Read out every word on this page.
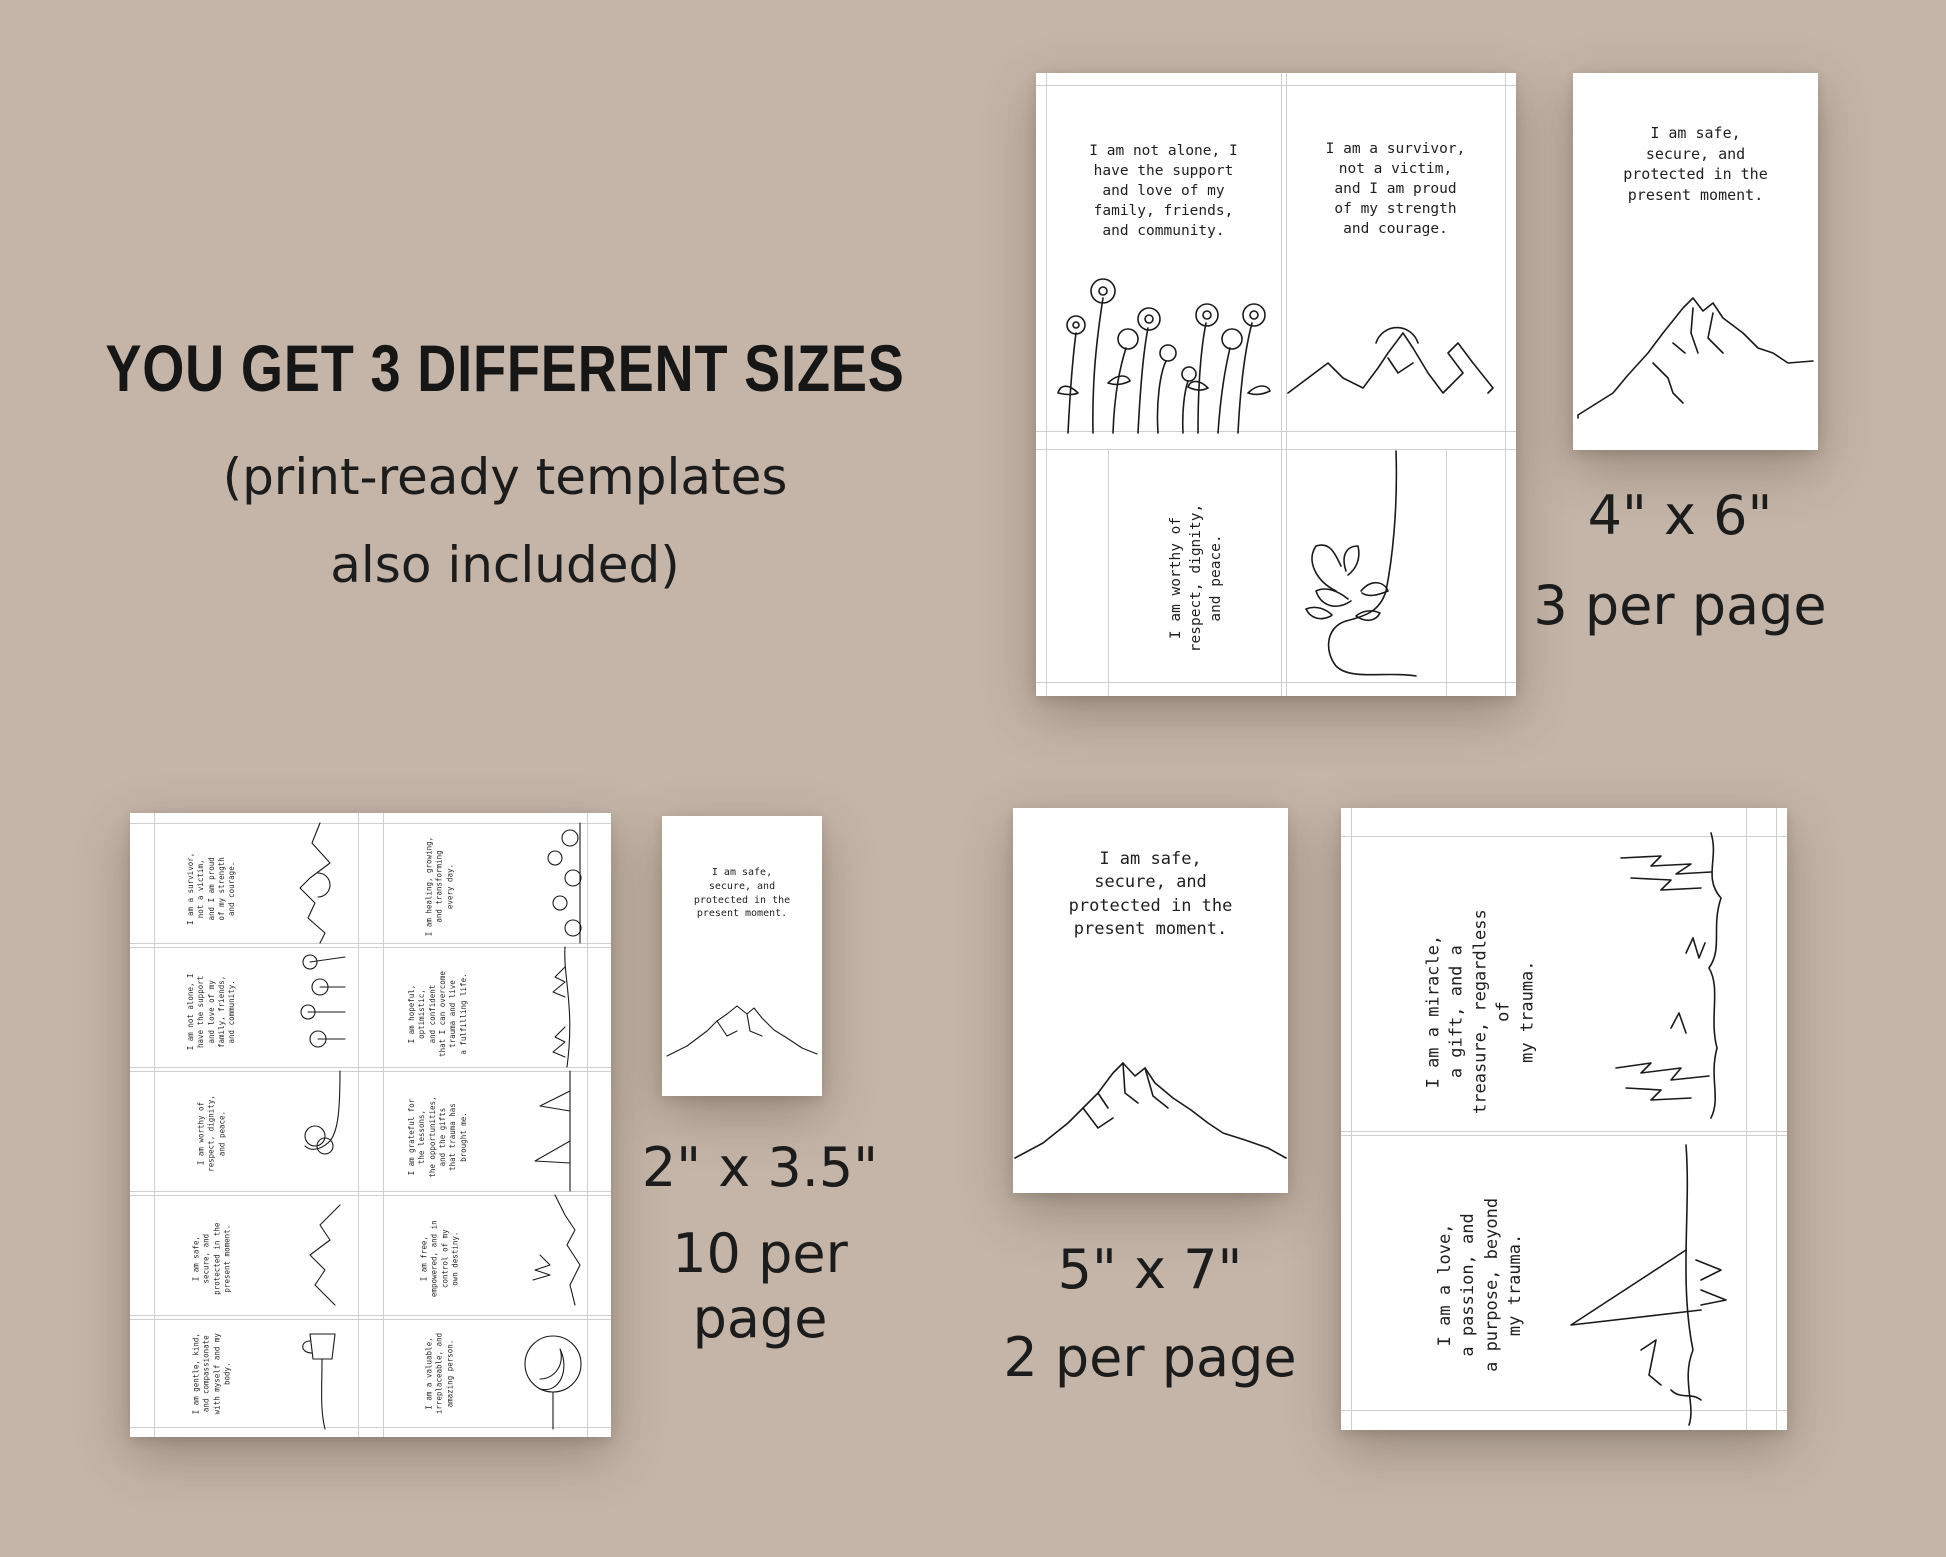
YOU GET 3 DIFFERENT SIZES
(print-ready templates
also included)
I am not alone, I
have the support
and love of my
family, friends,
and community.
I am a survivor,
not a victim,
and I am proud
of my strength
and courage.
I am worthy of
respect, dignity,
and peace.
I am safe,
secure, and
protected in the
present moment.
4" x 6"
3 per page
I am a survivor,
not a victim,
and I am proud
of my strength
and courage.
I am healing, growing,
and transforming
every day.
I am not alone, I
have the support
and love of my
family, friends,
and community.
I am hopeful,
optimistic,
and confident
that I can overcome
trauma and live
a fulfilling life.
I am worthy of
respect, dignity,
and peace.
I am grateful for
the lessons,
the opportunities,
and the gifts
that trauma has
brought me.
I am safe,
secure, and
protected in the
present moment.
I am free,
empowered, and in
control of my
own destiny.
I am gentle, kind,
and compassionate
with myself and my
body.
I am a valuable,
irreplaceable, and
amazing person.
I am safe,
secure, and
protected in the
present moment.
2" x 3.5"
10 per page
I am safe,
secure, and
protected in the
present moment.
5" x 7"
2 per page
I am a miracle,
a gift, and a
treasure, regardless
of
my trauma.
I am a love,
a passion, and
a purpose, beyond
my trauma.
